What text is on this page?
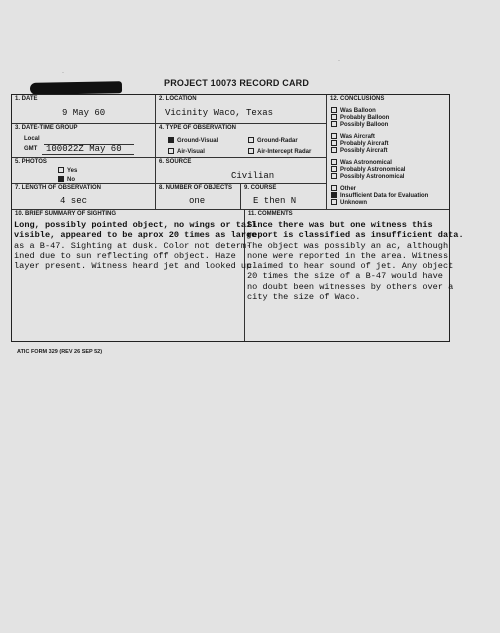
·
·
PROJECT 10073 RECORD CARD
1. DATE
9 May 60
2. LOCATION
Vicinity Waco, Texas
12. CONCLUSIONS
Was Balloon
Probably Balloon
Possibly Balloon
Was Aircraft
Probably Aircraft
Possibly Aircraft
Was Astronomical
Probably Astronomical
Possibly Astronomical
Other
Insufficient Data for Evaluation
Unknown
3. DATE-TIME GROUP
Local
GMT 100022Z May 60
4. TYPE OF OBSERVATION
Ground-Visual	Ground-Radar
Air-Visual	Air-Intercept Radar
5. PHOTOS
Yes
No
6. SOURCE
Civilian
7. LENGTH OF OBSERVATION
4 sec
8. NUMBER OF OBJECTS
one
9. COURSE
E then N
10. BRIEF SUMMARY OF SIGHTING
Long, possibly pointed object, no wings or tail
visible, appeared to be aprox 20 times as large
as a B-47. Sighting at dusk. Color not determ-
ined due to sun reflecting off object. Haze
layer present. Witness heard jet and looked up.
11. COMMENTS
Since there was but one witness this
report is classified as insufficient data.
The object was possibly an ac, although
none were reported in the area. Witness
claimed to hear sound of jet. Any object
20 times the size of a B-47 would have
no doubt been witnesses by others over a
city the size of Waco.
ATIC FORM 329 (REV 26 SEP 52)
